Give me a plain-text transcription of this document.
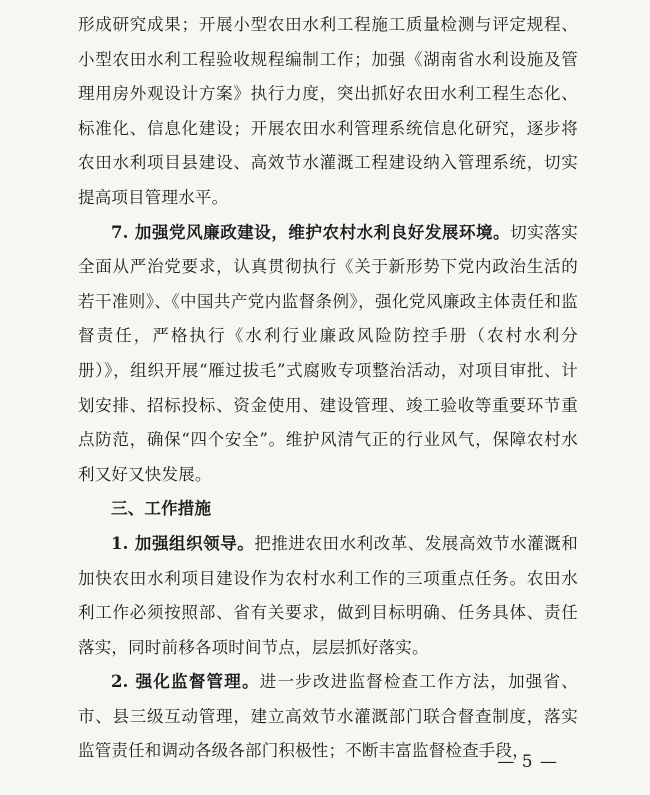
形成研究成果；开展小型农田水利工程施工质量检测与评定规程、小型农田水利工程验收规程编制工作；加强《湖南省水利设施及管理用房外观设计方案》执行力度，突出抓好农田水利工程生态化、标准化、信息化建设；开展农田水利管理系统信息化研究，逐步将农田水利项目县建设、高效节水灌溉工程建设纳入管理系统，切实提高项目管理水平。

7. 加强党风廉政建设，维护农村水利良好发展环境。切实落实全面从严治党要求，认真贯彻执行《关于新形势下党内政治生活的若干准则》、《中国共产党内监督条例》，强化党风廉政主体责任和监督责任，严格执行《水利行业廉政风险防控手册（农村水利分册）》，组织开展“雁过拔毛”式腐败专项整治活动，对项目审批、计划安排、招标投标、资金使用、建设管理、竣工验收等重要环节重点防范，确保“四个安全”。维护风清气正的行业风气，保障农村水利又好又快发展。

三、工作措施

1. 加强组织领导。把推进农田水利改革、发展高效节水灌溉和加快农田水利项目建设作为农村水利工作的三项重点任务。农田水利工作必须按照部、省有关要求，做到目标明确、任务具体、责任落实，同时前移各项时间节点，层层抓好落实。

2. 强化监督管理。进一步改进监督检查工作方法，加强省、市、县三级互动管理，建立高效节水灌溉部门联合督查制度，落实监管责任和调动各级各部门积极性；不断丰富监督检查手段，

— 5 —
